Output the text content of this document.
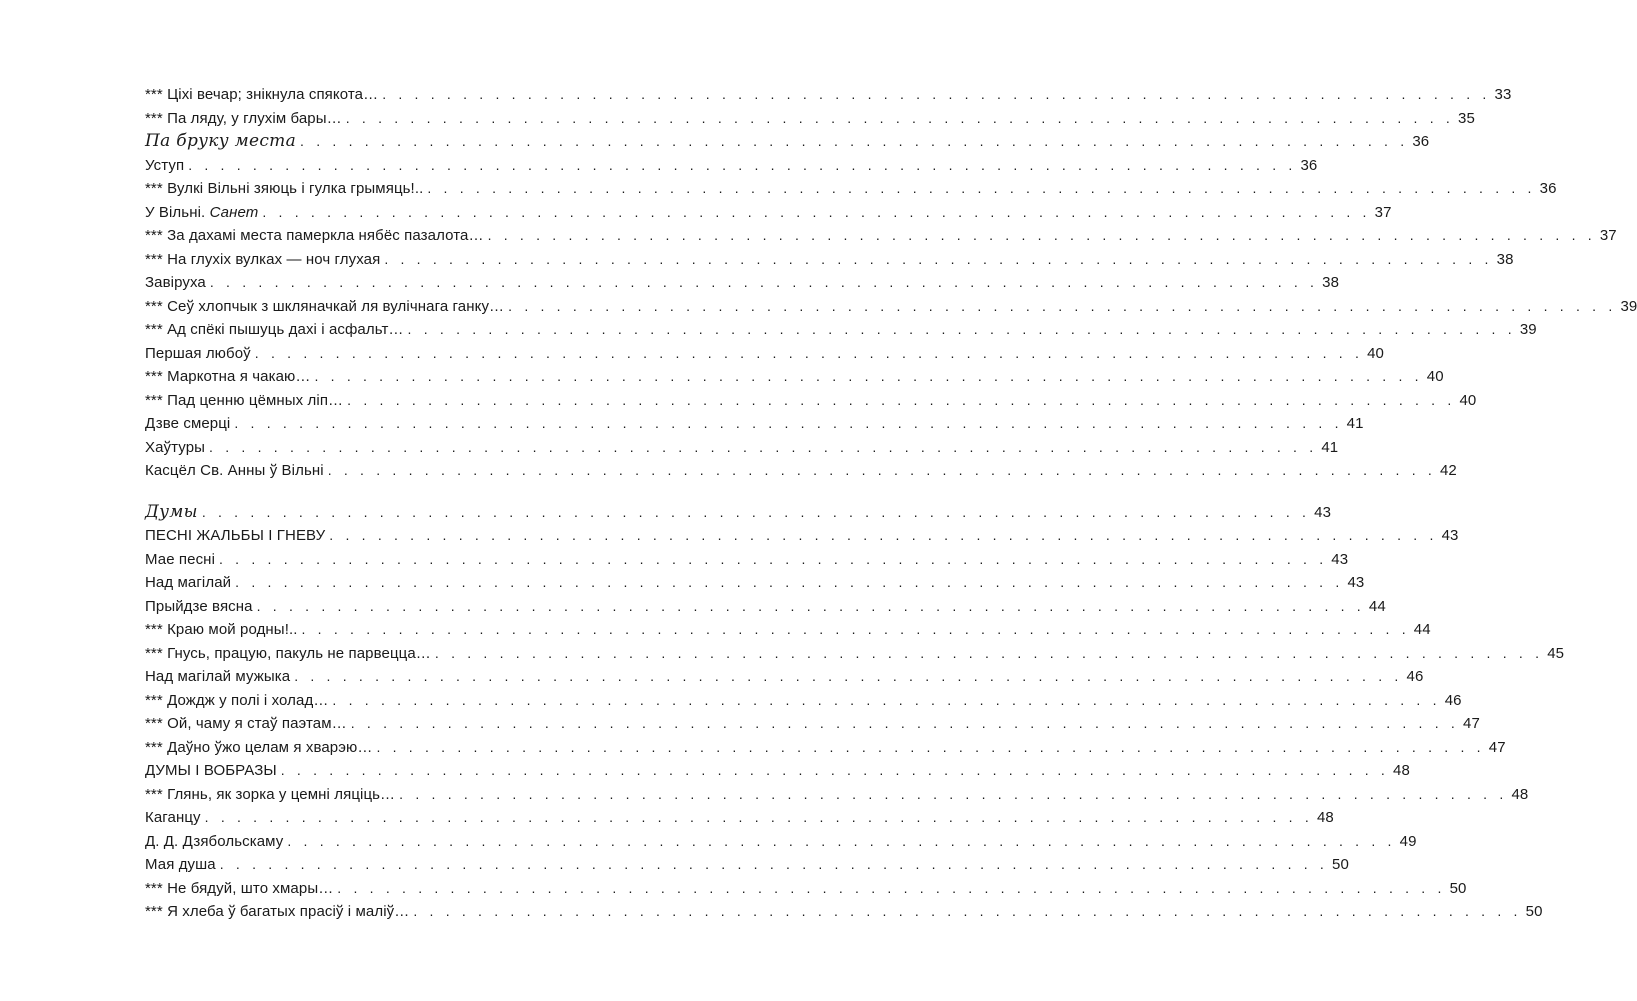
*** Ціхі вечар; знікнула спякота… . . . . . . . . . . . . . . . . . . . . . . . . . . . . . . . . . . . . . . . . . . . . . . . . . . . . . . . . . . . . . . . . . . . . . 33
*** Па ляду, у глухім бары… . . . . . . . . . . . . . . . . . . . . . . . . . . . . . . . . . . . . . . . . . . . . . . . . . . . . . . . . . . . . . . . . . . . . . 35
Па бруку места . . . . . . . . . . . . . . . . . . . . . . . . . . . . . . . . . . . . . . . . . . . . . . . . . . . . . . . . . . . . . . . . . . . . . 36
Уступ . . . . . . . . . . . . . . . . . . . . . . . . . . . . . . . . . . . . . . . . . . . . . . . . . . . . . . . . . . . . . . . . . . . . . 36
*** Вулкі Вільні зяюць і гулка грымяць!.. . . . . . . . . . . . . . . . . . . . . . . . . . . . . . . . . . . . . . . . . . . . . . . . . . . . . . . . . . . . . . . . . . . . . . 36
У Вільні. Санет . . . . . . . . . . . . . . . . . . . . . . . . . . . . . . . . . . . . . . . . . . . . . . . . . . . . . . . . . . . . . . . . . . . . . 37
*** За дахамі места памеркла нябёс пазалота… . . . . . . . . . . . . . . . . . . . . . . . . . . . . . . . . . . . . . . . . . . . . . . . . . . . . . . . . . . . . . . . . . . . . . 37
*** На глухіх вулках — ноч глухая . . . . . . . . . . . . . . . . . . . . . . . . . . . . . . . . . . . . . . . . . . . . . . . . . . . . . . . . . . . . . . . . . . . . . 38
Завіруха . . . . . . . . . . . . . . . . . . . . . . . . . . . . . . . . . . . . . . . . . . . . . . . . . . . . . . . . . . . . . . . . . . . . . 38
*** Сеў хлопчык з шкляначкай ля вулічнага ганку… . . . . . . . . . . . . . . . . . . . . . . . . . . . . . . . . . . . . . . . . . . . . . . . . . . . . . . . . . . . . . . . . . . . . . 39
*** Ад спёкі пышуць дахі і асфальт… . . . . . . . . . . . . . . . . . . . . . . . . . . . . . . . . . . . . . . . . . . . . . . . . . . . . . . . . . . . . . . . . . . . . . 39
Першая любоў . . . . . . . . . . . . . . . . . . . . . . . . . . . . . . . . . . . . . . . . . . . . . . . . . . . . . . . . . . . . . . . . . . . . . 40
*** Маркотна я чакаю… . . . . . . . . . . . . . . . . . . . . . . . . . . . . . . . . . . . . . . . . . . . . . . . . . . . . . . . . . . . . . . . . . . . . . 40
*** Пад ценню цёмных ліп… . . . . . . . . . . . . . . . . . . . . . . . . . . . . . . . . . . . . . . . . . . . . . . . . . . . . . . . . . . . . . . . . . . . . . 40
Дзве смерці . . . . . . . . . . . . . . . . . . . . . . . . . . . . . . . . . . . . . . . . . . . . . . . . . . . . . . . . . . . . . . . . . . . . . 41
Хаўтуры . . . . . . . . . . . . . . . . . . . . . . . . . . . . . . . . . . . . . . . . . . . . . . . . . . . . . . . . . . . . . . . . . . . . . 41
Касцёл Св. Анны ў Вільні . . . . . . . . . . . . . . . . . . . . . . . . . . . . . . . . . . . . . . . . . . . . . . . . . . . . . . . . . . . . . . . . . . . . . 42
Думы . . . . . . . . . . . . . . . . . . . . . . . . . . . . . . . . . . . . . . . . . . . . . . . . . . . . . . . . . . . . . . . . . . . . . 43
ПЕСНІ ЖАЛЬБЫ І ГНЕВУ . . . . . . . . . . . . . . . . . . . . . . . . . . . . . . . . . . . . . . . . . . . . . . . . . . . . . . . . . . . . . . . . . . . . . 43
Мае песні . . . . . . . . . . . . . . . . . . . . . . . . . . . . . . . . . . . . . . . . . . . . . . . . . . . . . . . . . . . . . . . . . . . . . 43
Над магілай . . . . . . . . . . . . . . . . . . . . . . . . . . . . . . . . . . . . . . . . . . . . . . . . . . . . . . . . . . . . . . . . . . . . . 43
Прыйдзе вясна . . . . . . . . . . . . . . . . . . . . . . . . . . . . . . . . . . . . . . . . . . . . . . . . . . . . . . . . . . . . . . . . . . . . . 44
*** Краю мой родны!.. . . . . . . . . . . . . . . . . . . . . . . . . . . . . . . . . . . . . . . . . . . . . . . . . . . . . . . . . . . . . . . . . . . . . . 44
*** Гнусь, працую, пакуль не парвецца… . . . . . . . . . . . . . . . . . . . . . . . . . . . . . . . . . . . . . . . . . . . . . . . . . . . . . . . . . . . . . . . . . . . . . 45
Над магілай мужыка . . . . . . . . . . . . . . . . . . . . . . . . . . . . . . . . . . . . . . . . . . . . . . . . . . . . . . . . . . . . . . . . . . . . . 46
*** Дождж у полі і холад… . . . . . . . . . . . . . . . . . . . . . . . . . . . . . . . . . . . . . . . . . . . . . . . . . . . . . . . . . . . . . . . . . . . . . 46
*** Ой, чаму я стаў паэтам… . . . . . . . . . . . . . . . . . . . . . . . . . . . . . . . . . . . . . . . . . . . . . . . . . . . . . . . . . . . . . . . . . . . . . 47
*** Даўно ўжо целам я хварэю… . . . . . . . . . . . . . . . . . . . . . . . . . . . . . . . . . . . . . . . . . . . . . . . . . . . . . . . . . . . . . . . . . . . . . 47
ДУМЫ І ВОБРАЗЫ . . . . . . . . . . . . . . . . . . . . . . . . . . . . . . . . . . . . . . . . . . . . . . . . . . . . . . . . . . . . . . . . . . . . . 48
*** Глянь, як зорка у цемні ляціць… . . . . . . . . . . . . . . . . . . . . . . . . . . . . . . . . . . . . . . . . . . . . . . . . . . . . . . . . . . . . . . . . . . . . . 48
Каганцу . . . . . . . . . . . . . . . . . . . . . . . . . . . . . . . . . . . . . . . . . . . . . . . . . . . . . . . . . . . . . . . . . . . . . 48
Д. Д. Дзябольскаму . . . . . . . . . . . . . . . . . . . . . . . . . . . . . . . . . . . . . . . . . . . . . . . . . . . . . . . . . . . . . . . . . . . . . 49
Мая душа . . . . . . . . . . . . . . . . . . . . . . . . . . . . . . . . . . . . . . . . . . . . . . . . . . . . . . . . . . . . . . . . . . . . . 50
*** Не бядуй, што хмары… . . . . . . . . . . . . . . . . . . . . . . . . . . . . . . . . . . . . . . . . . . . . . . . . . . . . . . . . . . . . . . . . . . . . . 50
*** Я хлеба ў багатых прасіў і маліў… . . . . . . . . . . . . . . . . . . . . . . . . . . . . . . . . . . . . . . . . . . . . . . . . . . . . . . . . . . . . . . . . . . . . . 50
